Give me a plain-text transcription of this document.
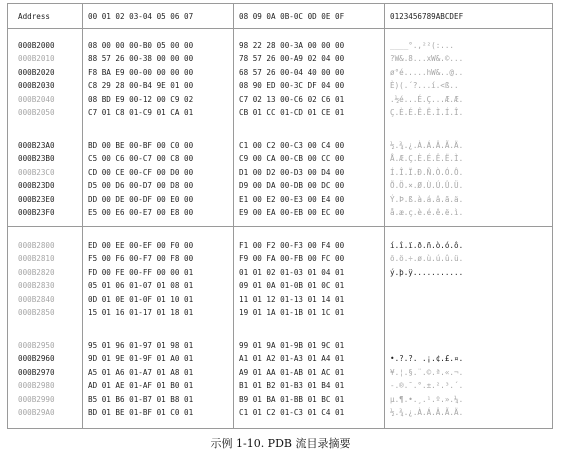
Address	00 01 02 03-04 05 06 07	08 09 0A 0B-0C 0D 0E 0F	0123456789ABCDEF
000B2000	08 00 00 00-B0 05 00 00	98 22 28 00-3A 00 00 00	____°.,²²(:...
000B2010	88 57 26 00-38 00 00 00	78 57 26 00-A9 02 04 00	?W&.8...xW&.©...
000B2020	F8 BA E9 00-00 00 00 00	68 57 26 00-04 40 00 00	ø°é.....hW&..@..
000B2030	C8 29 28 00-B4 9E 01 00	08 90 ED 00-3C DF 04 00	È)(.´?...í.<ß..
000B2040	08 BD E9 00-12 00 C9 02	C7 02 13 00-C6 02 C6 01	.½é...É.Ç...Æ.Æ.
000B2050	C7 01 C8 01-C9 01 CA 01	CB 01 CC 01-CD 01 CE 01	Ç.È.É.Ê.Ë.Ì.Í.Î.
000B23A0	BD 00 BE 00-BF 00 C0 00	C1 00 C2 00-C3 00 C4 00	½.¾.¿.À.Á.Â.Ã.Ä.
000B23B0	C5 00 C6 00-C7 00 C8 00	C9 00 CA 00-CB 00 CC 00	Å.Æ.Ç.È.É.Ê.Ë.Ì.
000B23C0	CD 00 CE 00-CF 00 D0 00	D1 00 D2 00-D3 00 D4 00	Í.Î.Ï.Ð.Ñ.Ò.Ó.Ô.
000B23D0	D5 00 D6 00-D7 00 D8 00	D9 00 DA 00-DB 00 DC 00	Õ.Ö.×.Ø.Ù.Ú.Û.Ü.
000B23E0	DD 00 DE 00-DF 00 E0 00	E1 00 E2 00-E3 00 E4 00	Ý.Þ.ß.à.á.â.ã.ä.
000B23F0	E5 00 E6 00-E7 00 E8 00	E9 00 EA 00-EB 00 EC 00	å.æ.ç.è.é.ê.ë.ì.
000B2800	ED 00 EE 00-EF 00 F0 00	F1 00 F2 00-F3 00 F4 00	í.î.ï.ð.ñ.ò.ó.ô.
000B2810	F5 00 F6 00-F7 00 F8 00	F9 00 FA 00-FB 00 FC 00	õ.ö.÷.ø.ù.ú.û.ü.
000B2820	FD 00 FE 00-FF 00 00 01	01 01 02 01-03 01 04 01	ý.þ.ÿ...........
000B2830	05 01 06 01-07 01 08 01	09 01 0A 01-0B 01 0C 01
000B2840	0D 01 0E 01-0F 01 10 01	11 01 12 01-13 01 14 01
000B2850	15 01 16 01-17 01 18 01	19 01 1A 01-1B 01 1C 01
000B2950	95 01 96 01-97 01 98 01	99 01 9A 01-9B 01 9C 01
000B2960	9D 01 9E 01-9F 01 A0 01	A1 01 A2 01-A3 01 A4 01	•.?.?. .¡.¢.£.¤.
000B2970	A5 01 A6 01-A7 01 A8 01	A9 01 AA 01-AB 01 AC 01	¥.¦.§.¨.©.ª.«.¬.
000B2980	AD 01 AE 01-AF 01 B0 01	B1 01 B2 01-B3 01 B4 01	-.®.¯.°.±.².³.´.
000B2990	B5 01 B6 01-B7 01 B8 01	B9 01 BA 01-BB 01 BC 01	µ.¶.•.¸.¹.º.».¼.
000B29A0	BD 01 BE 01-BF 01 C0 01	C1 01 C2 01-C3 01 C4 01	½.¾.¿.À.Á.Â.Ã.Ä.
示例 1-10. PDB 流目录摘要
